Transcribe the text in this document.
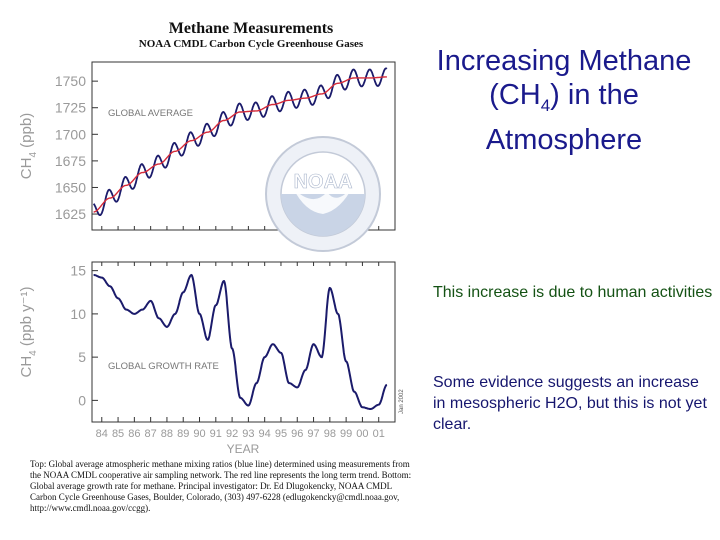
1625
1650
1675
1700
1725
1750
GLOBAL AVERAGE
$CH_4$ (ppb)
0
5
10
15
84 85 86 87 88 89 90 91 92 93 94 95 96 97 98 99 00 01
YEAR
GLOBAL GROWTH RATE
$CH_4$ (ppb y⁻¹)
Jan 2002
NOAA
Methane Measurements
NOAA CMDL Carbon Cycle Greenhouse Gases
Top: Global average atmospheric methane mixing ratios (blue line) determined using measurements from the NOAA CMDL cooperative air sampling network. The red line represents the long term trend. Bottom: Global average growth rate for methane. Principal investigator: Dr. Ed Dlugokencky, NOAA CMDL Carbon Cycle Greenhouse Gases, Boulder, Colorado, (303) 497-6228 (edlugokencky@cmdl.noaa.gov, http://www.cmdl.noaa.gov/ccgg).
Increasing Methane
$(CH_4)$ in the
Atmosphere
This increase is due to human activities
Some evidence suggests an increase in mesospheric H2O, but this is not yet clear.
